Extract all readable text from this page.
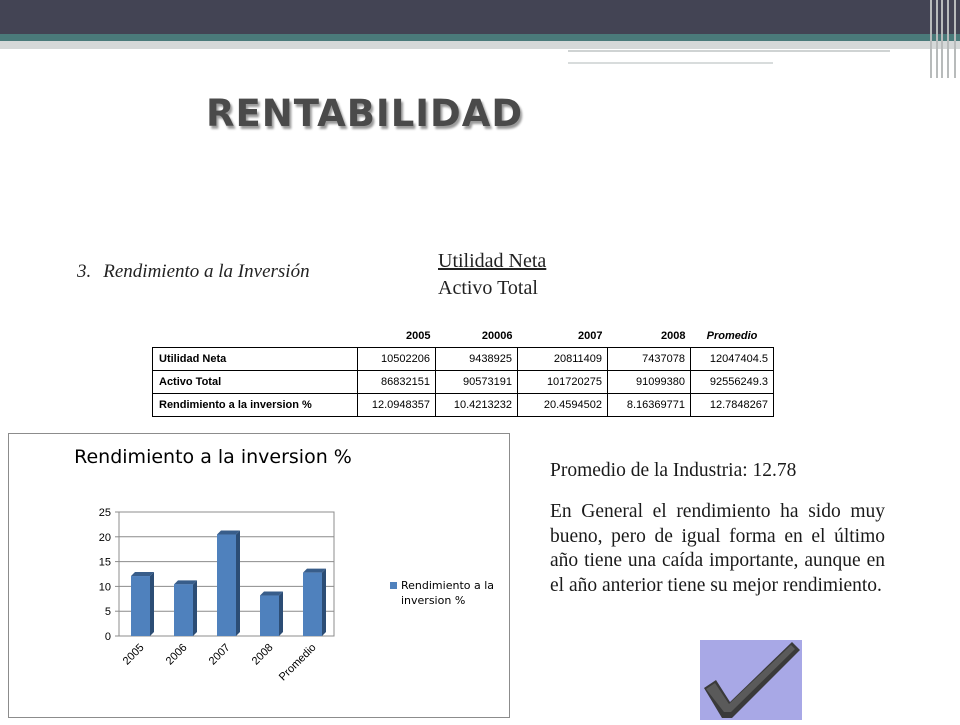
RENTABILIDAD
3. Rendimiento a la Inversión	Utilidad Neta
Activo Total
	2005	20006	2007	2008	Promedio
Utilidad Neta	10502206	9438925	20811409	7437078	12047404.5
Activo Total	86832151	90573191	101720275	91099380	92556249.3
Rendimiento a la inversion %	12.0948357	10.4213232	20.4594502	8.16369771	12.7848267
Rendimiento a la inversion %
0
5
10
15
20
25
2005 2006 2007 2008 Promedio
Rendimiento a la
inversion %
Promedio de la Industria: 12.78
En General el rendimiento ha sido muy bueno, pero de igual forma en el último año tiene una caída importante, aunque en el año anterior tiene su mejor rendimiento.
